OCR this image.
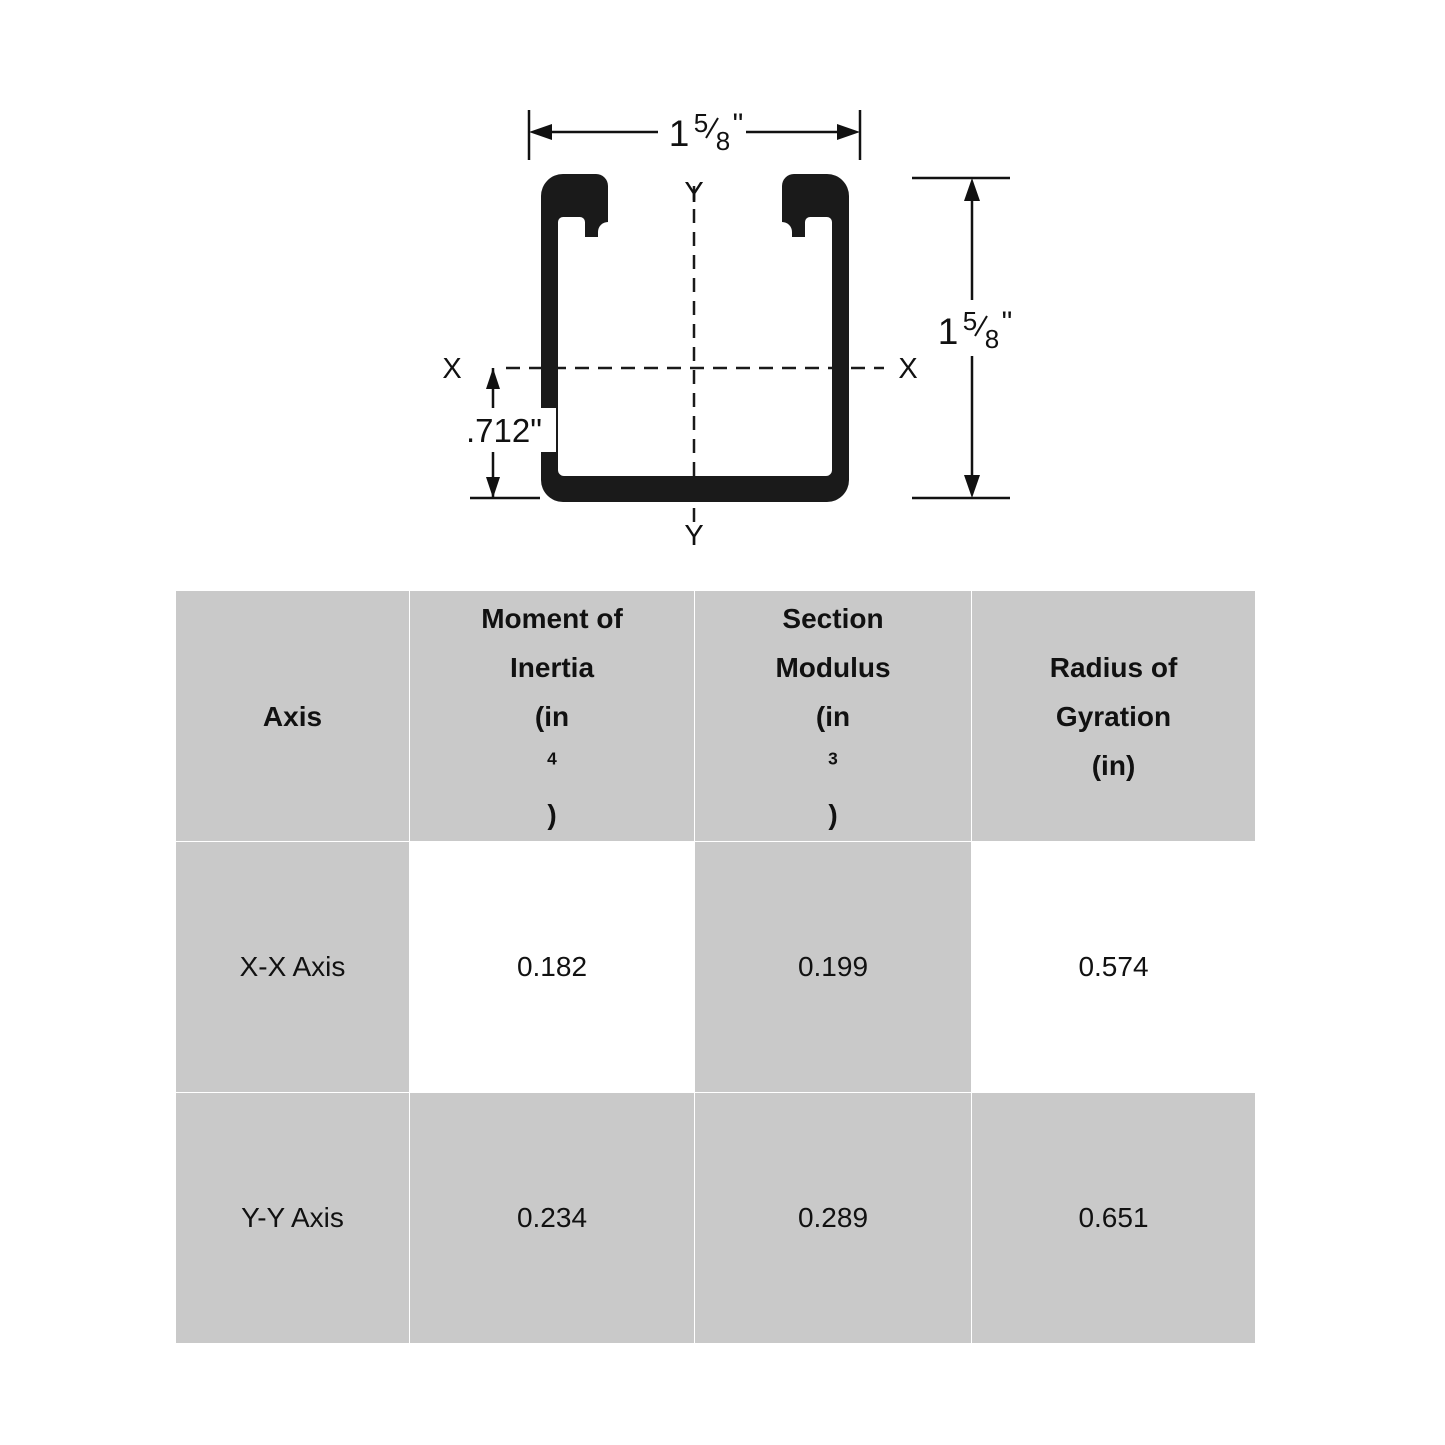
X	X
Y
Y
1 5
8 "
1 5
8 "
.712"
Axis	Moment of
Inertia
(in
$^4$
)	Section
Modulus
(in
$^3$
)	Radius of
Gyration
(in)

X-X Axis	0.182	0.199	0.574
Y-Y Axis	0.234	0.289	0.651
